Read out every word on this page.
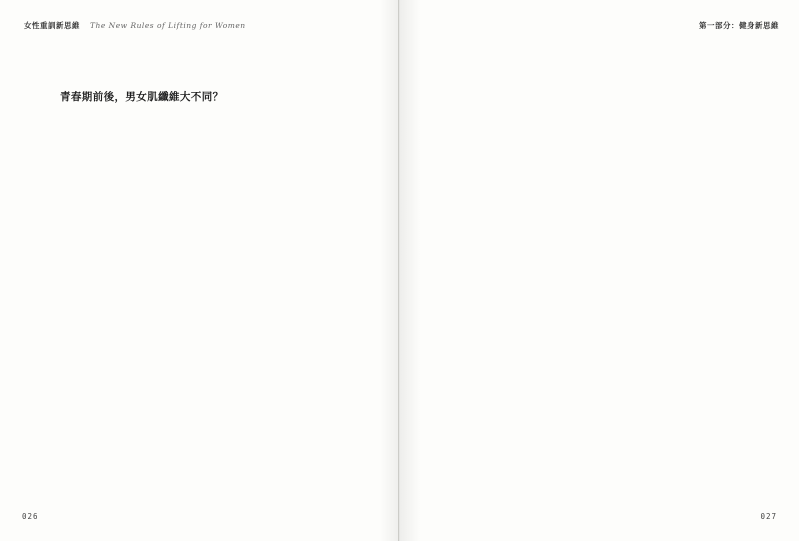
女性重訓新思維 The New Rules of Lifting for Women

青春期前後，男女肌纖維大不同？

026
第一部分：健身新思維

027
